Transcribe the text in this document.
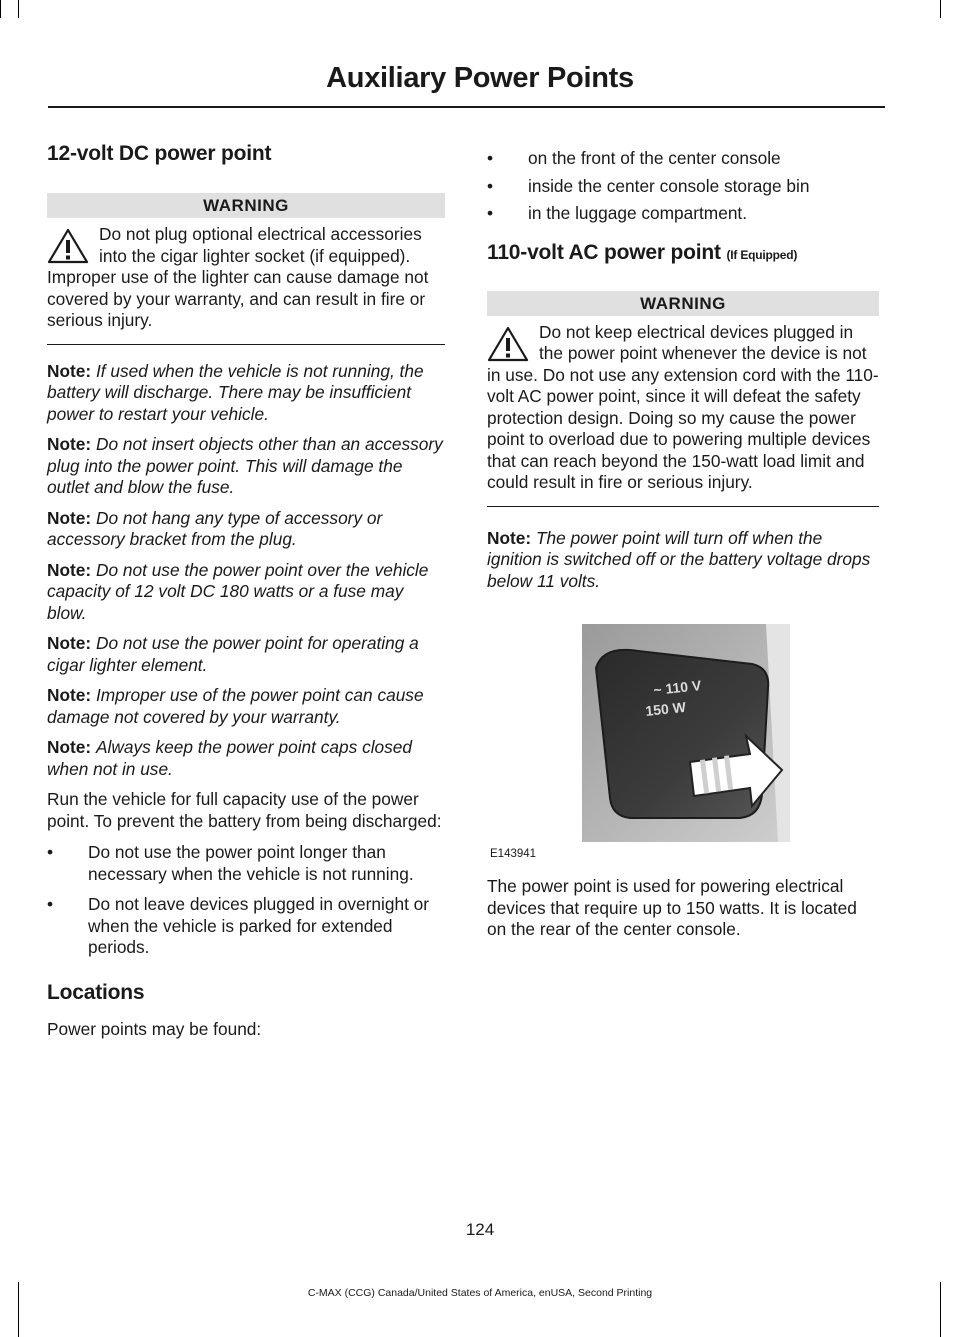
Auxiliary Power Points
12-volt DC power point
WARNING
Do not plug optional electrical accessories into the cigar lighter socket (if equipped). Improper use of the lighter can cause damage not covered by your warranty, and can result in fire or serious injury.

Note: If used when the vehicle is not running, the battery will discharge. There may be insufficient power to restart your vehicle.

Note: Do not insert objects other than an accessory plug into the power point. This will damage the outlet and blow the fuse.

Note: Do not hang any type of accessory or accessory bracket from the plug.

Note: Do not use the power point over the vehicle capacity of 12 volt DC 180 watts or a fuse may blow.

Note: Do not use the power point for operating a cigar lighter element.

Note: Improper use of the power point can cause damage not covered by your warranty.

Note: Always keep the power point caps closed when not in use.

Run the vehicle for full capacity use of the power point. To prevent the battery from being discharged:

• Do not use the power point longer than necessary when the vehicle is not running.
• Do not leave devices plugged in overnight or when the vehicle is parked for extended periods.
Locations

Power points may be found:

• on the front of the center console
• inside the center console storage bin
• in the luggage compartment.
110-volt AC power point (If Equipped)
WARNING
Do not keep electrical devices plugged in the power point whenever the device is not in use. Do not use any extension cord with the 110-volt AC power point, since it will defeat the safety protection design. Doing so my cause the power point to overload due to powering multiple devices that can reach beyond the 150-watt load limit and could result in fire or serious injury.

Note: The power point will turn off when the ignition is switched off or the battery voltage drops below 11 volts.

~ 110 V
150 W
E143941

The power point is used for powering electrical devices that require up to 150 watts. It is located on the rear of the center console.

124
C-MAX (CCG) Canada/United States of America, enUSA, Second Printing
